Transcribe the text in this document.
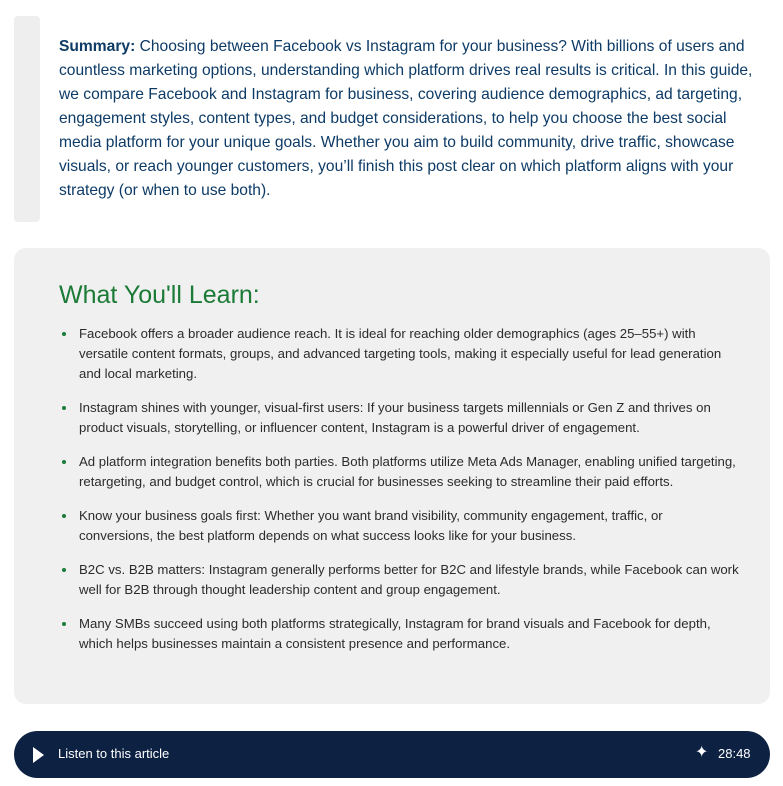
Summary: Choosing between Facebook vs Instagram for your business? With billions of users and countless marketing options, understanding which platform drives real results is critical. In this guide, we compare Facebook and Instagram for business, covering audience demographics, ad targeting, engagement styles, content types, and budget considerations, to help you choose the best social media platform for your unique goals. Whether you aim to build community, drive traffic, showcase visuals, or reach younger customers, you’ll finish this post clear on which platform aligns with your strategy (or when to use both).

What You'll Learn:
Facebook offers a broader audience reach. It is ideal for reaching older demographics (ages 25–55+) with versatile content formats, groups, and advanced targeting tools, making it especially useful for lead generation and local marketing.
Instagram shines with younger, visual-first users: If your business targets millennials or Gen Z and thrives on product visuals, storytelling, or influencer content, Instagram is a powerful driver of engagement.
Ad platform integration benefits both parties. Both platforms utilize Meta Ads Manager, enabling unified targeting, retargeting, and budget control, which is crucial for businesses seeking to streamline their paid efforts.
Know your business goals first: Whether you want brand visibility, community engagement, traffic, or conversions, the best platform depends on what success looks like for your business.
B2C vs. B2B matters: Instagram generally performs better for B2C and lifestyle brands, while Facebook can work well for B2B through thought leadership content and group engagement.
Many SMBs succeed using both platforms strategically, Instagram for brand visuals and Facebook for depth, which helps businesses maintain a consistent presence and performance.
Listen to this article	✦ 28:48
